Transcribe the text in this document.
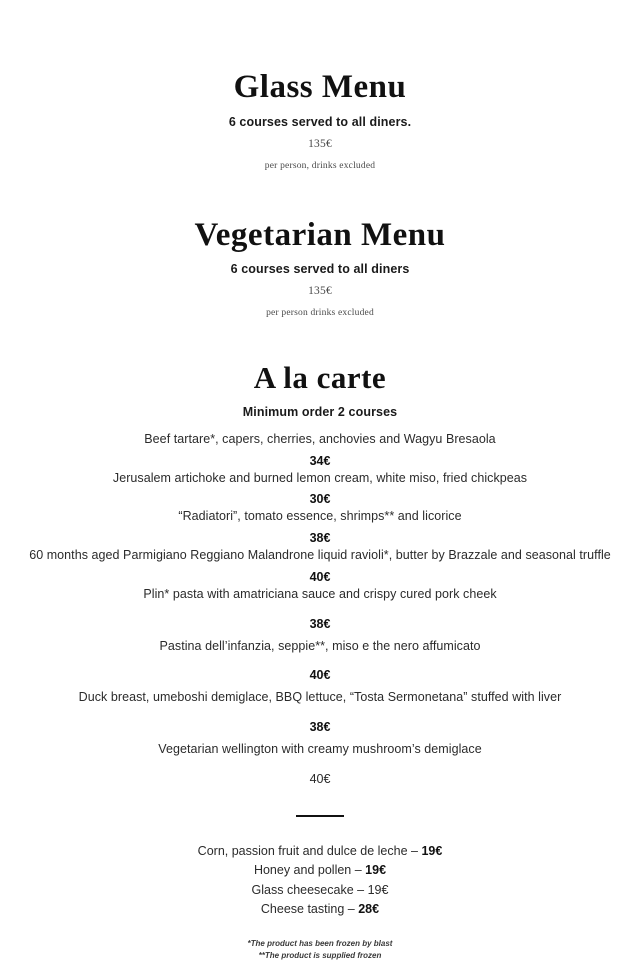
Glass Menu

6 courses served to all diners.

135€

per person, drinks excluded

Vegetarian Menu

6 courses served to all diners

135€

per person drinks excluded

A la carte

Minimum order 2 courses

Beef tartare*, capers, cherries, anchovies and Wagyu Bresaola

34€

Jerusalem artichoke and burned lemon cream, white miso, fried chickpeas

30€

“Radiatori”, tomato essence, shrimps** and licorice

38€

60 months aged Parmigiano Reggiano Malandrone liquid ravioli*, butter by Brazzale and seasonal truffle

40€

Plin* pasta with amatriciana sauce and crispy cured pork cheek

38€

Pastina dell’infanzia, seppie**, miso e the nero affumicato

40€

Duck breast, umeboshi demiglace, BBQ lettuce, “Tosta Sermonetana” stuffed with liver

38€

Vegetarian wellington with creamy mushroom’s demiglace

40€

Corn, passion fruit and dulce de leche – 19€

Honey and pollen – 19€

Glass cheesecake – 19€

Cheese tasting – 28€

*The product has been frozen by blast

**The product is supplied frozen
